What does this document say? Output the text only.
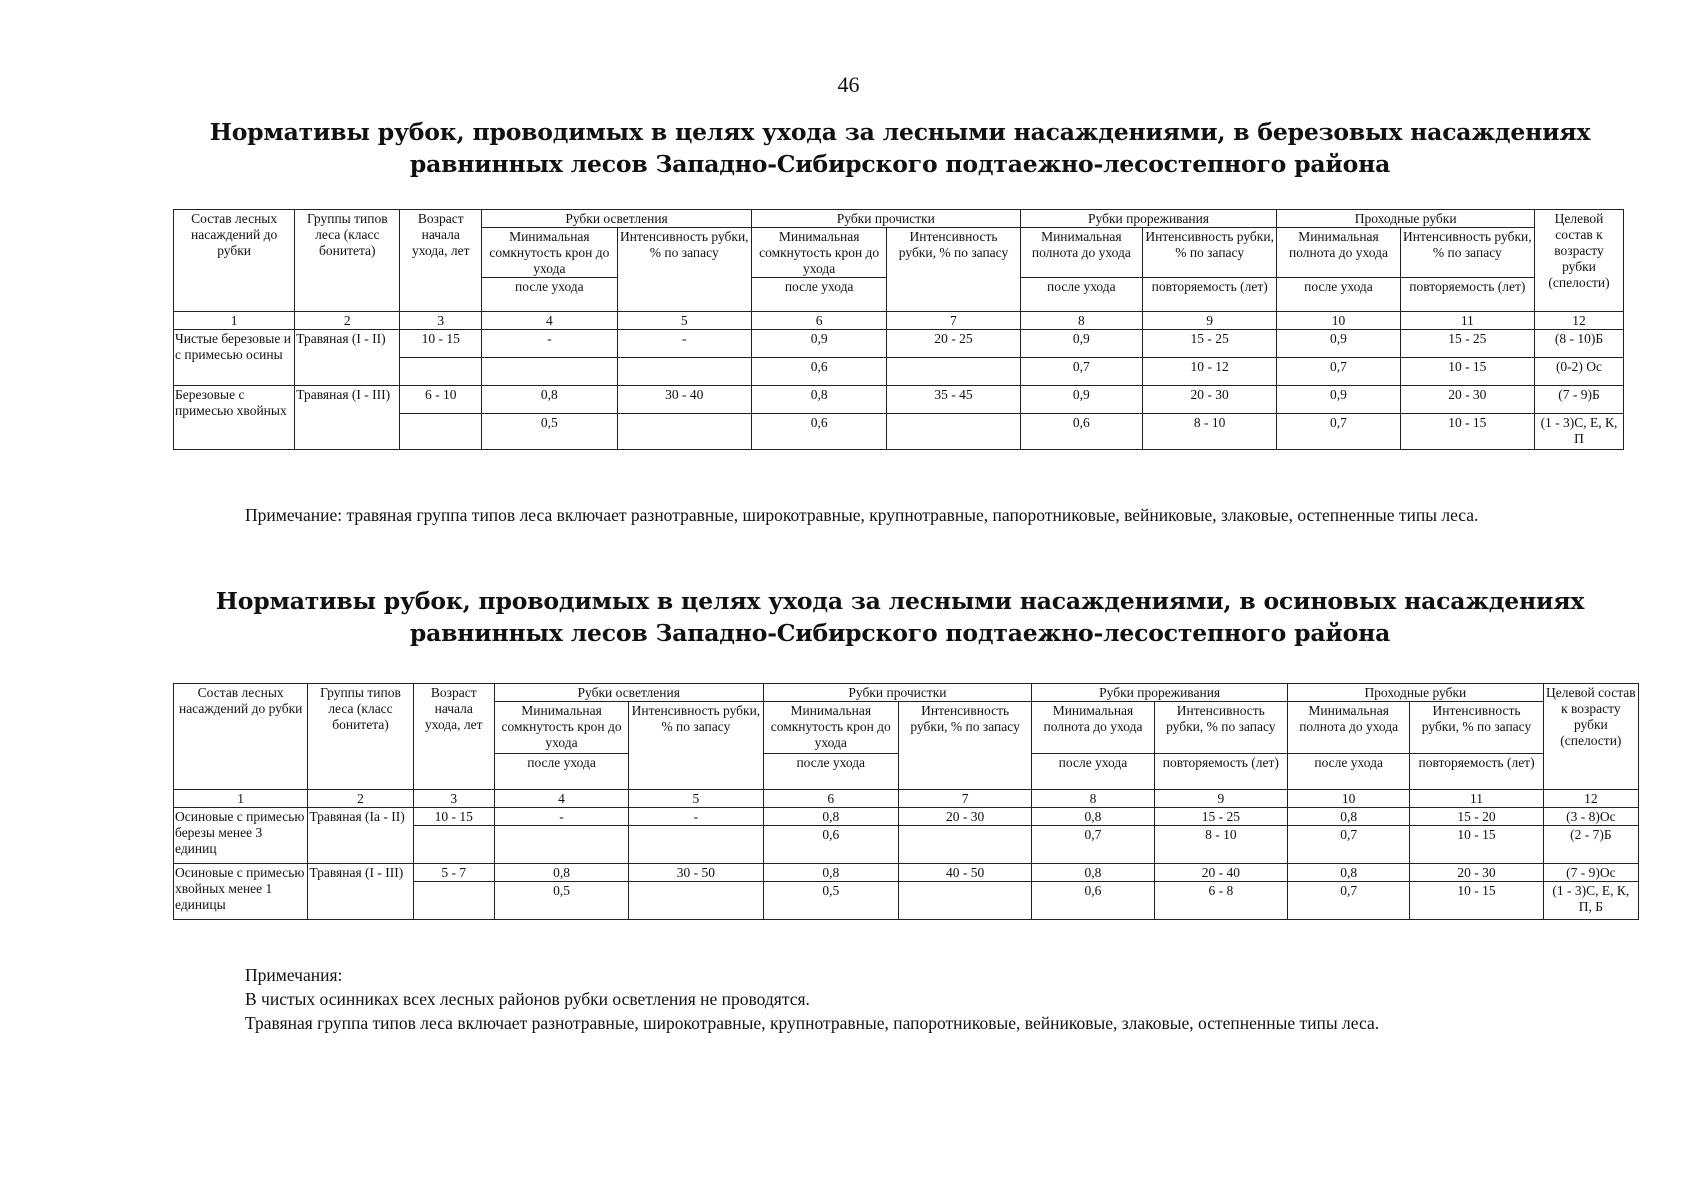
46
Нормативы рубок, проводимых в целях ухода за лесными насаждениями, в березовых насаждениях
равнинных лесов Западно-Сибирского подтаежно-лесостепного района
Состав лесных насаждений до рубки	Группы типов леса (класс бонитета)	Возраст начала ухода, лет	Рубки осветления		Рубки прочистки		Рубки прореживания		Проходные рубки		Целевой состав к возрасту рубки (спелости)
			Минимальная сомкнутость крон до ухода	Интенсивность рубки, % по запасу	Минимальная сомкнутость крон до ухода	Интенсивность рубки, % по запасу	Минимальная полнота до ухода	Интенсивность рубки, % по запасу	Минимальная полнота до ухода	Интенсивность рубки, % по запасу	
			после ухода		после ухода		после ухода	повторяемость (лет)	после ухода	повторяемость (лет)	
1	2	3	4	5	6	7	8	9	10	11	12
Чистые березовые и с примесью осины	Травяная (I - II)	10 - 15	-	-	0,9	20 - 25	0,9	15 - 25	0,9	15 - 25	(8 - 10)Б
					0,6		0,7	10 - 12	0,7	10 - 15	(0-2) Ос
Березовые с примесью хвойных	Травяная (I - III)	6 - 10	0,8	30 - 40	0,8	35 - 45	0,9	20 - 30	0,9	20 - 30	(7 - 9)Б
			0,5		0,6		0,6	8 - 10	0,7	10 - 15	(1 - 3)С, Е, К, П
Примечание: травяная группа типов леса включает разнотравные, широкотравные, крупнотравные, папоротниковые, вейниковые, злаковые, остепненные типы леса.
Нормативы рубок, проводимых в целях ухода за лесными насаждениями, в осиновых насаждениях
равнинных лесов Западно-Сибирского подтаежно-лесостепного района
Состав лесных насаждений до рубки	Группы типов леса (класс бонитета)	Возраст начала ухода, лет	Рубки осветления		Рубки прочистки		Рубки прореживания		Проходные рубки		Целевой состав к возрасту рубки (спелости)
			Минимальная сомкнутость крон до ухода	Интенсивность рубки, % по запасу	Минимальная сомкнутость крон до ухода	Интенсивность рубки, % по запасу	Минимальная полнота до ухода	Интенсивность рубки, % по запасу	Минимальная полнота до ухода	Интенсивность рубки, % по запасу	
			после ухода		после ухода		после ухода	повторяемость (лет)	после ухода	повторяемость (лет)	
1	2	3	4	5	6	7	8	9	10	11	12
Осиновые с примесью березы менее 3 единиц	Травяная (Iа - II)	10 - 15	-	-	0,8	20 - 30	0,8	15 - 25	0,8	15 - 20	(3 - 8)Ос
					0,6		0,7	8 - 10	0,7	10 - 15	(2 - 7)Б
Осиновые с примесью хвойных менее 1 единицы	Травяная (I - III)	5 - 7	0,8	30 - 50	0,8	40 - 50	0,8	20 - 40	0,8	20 - 30	(7 - 9)Ос
			0,5		0,5		0,6	6 - 8	0,7	10 - 15	(1 - 3)С, Е, К, П, Б
Примечания:
В чистых осинниках всех лесных районов рубки осветления не проводятся.
Травяная группа типов леса включает разнотравные, широкотравные, крупнотравные, папоротниковые, вейниковые, злаковые, остепненные типы леса.
